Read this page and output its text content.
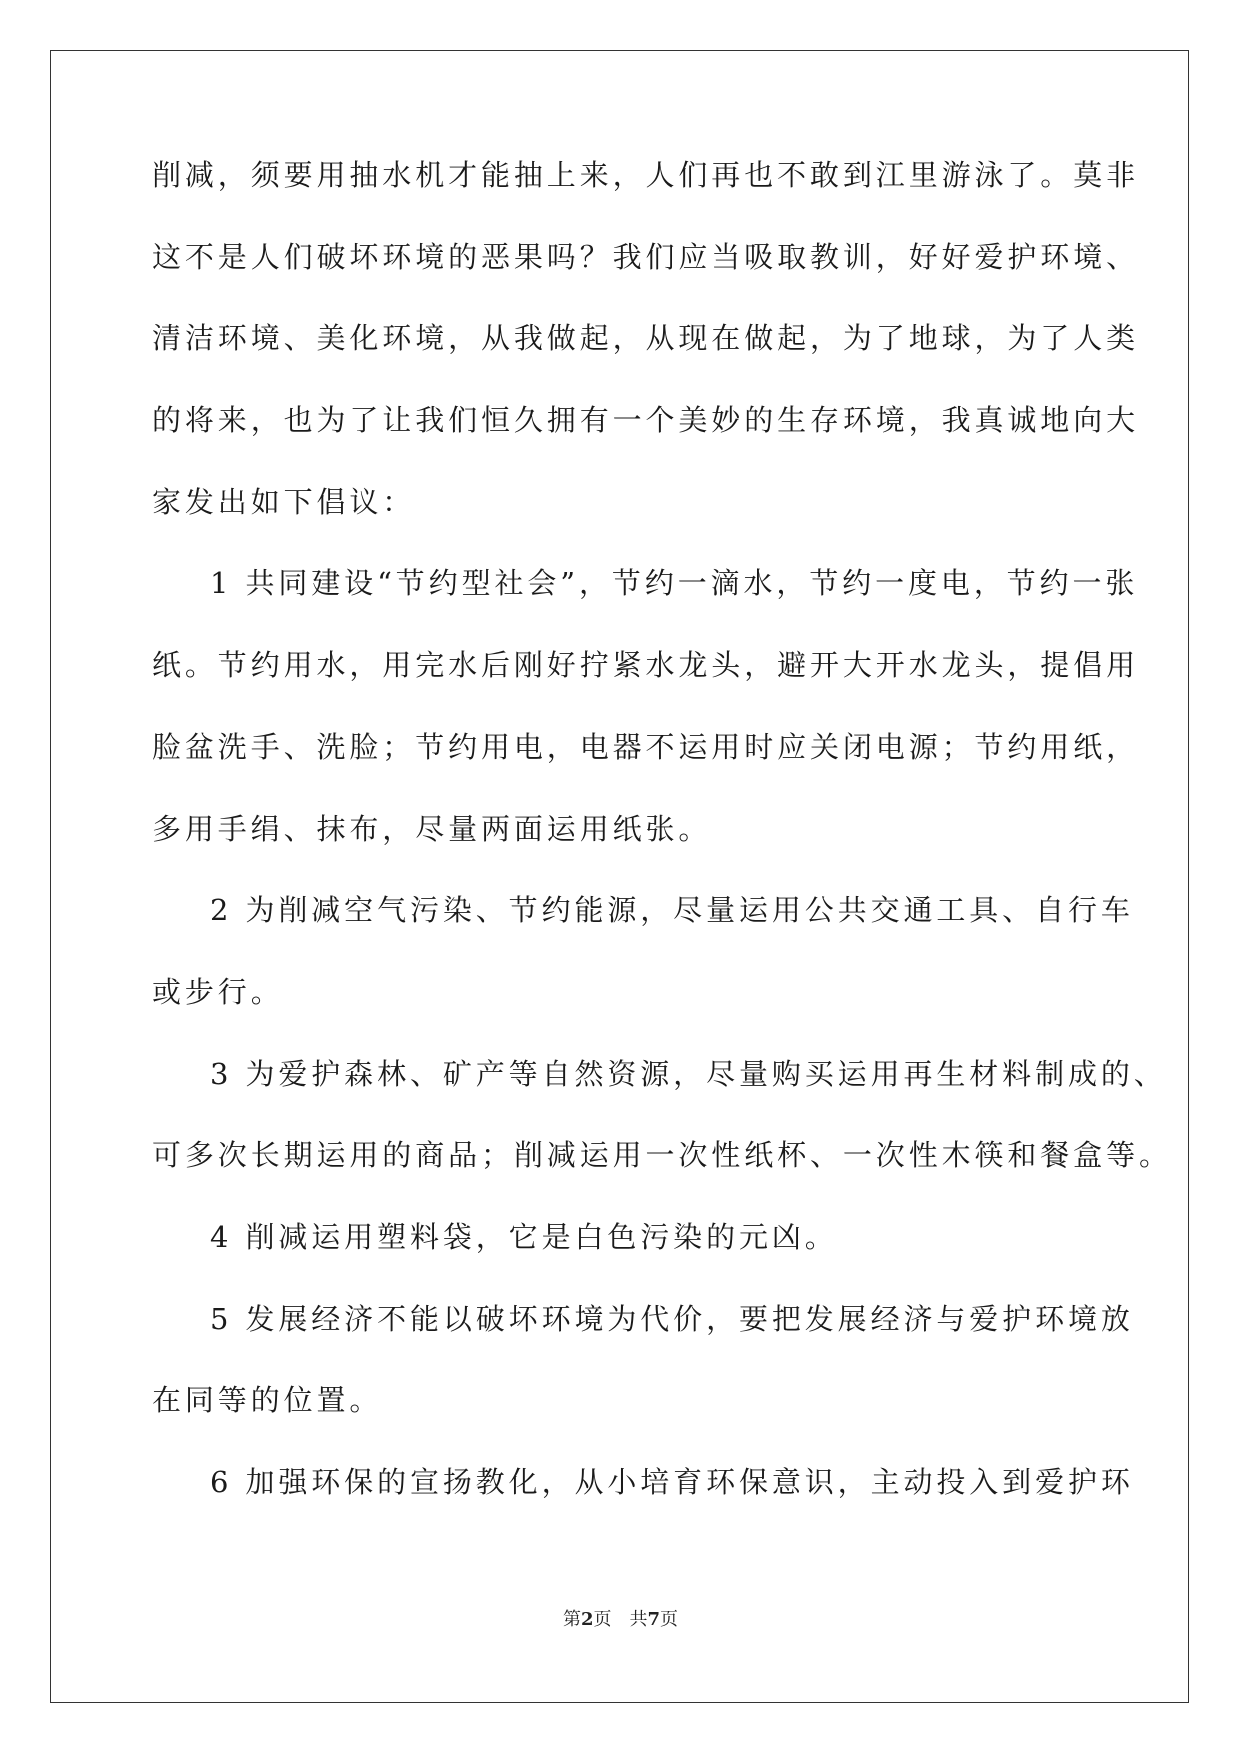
削减，须要用抽水机才能抽上来，人们再也不敢到江里游泳了。莫非
这不是人们破坏环境的恶果吗？我们应当吸取教训，好好爱护环境、
清洁环境、美化环境，从我做起，从现在做起，为了地球，为了人类
的将来，也为了让我们恒久拥有一个美妙的生存环境，我真诚地向大
家发出如下倡议：
1 共同建设“节约型社会”，节约一滴水，节约一度电，节约一张
纸。节约用水，用完水后刚好拧紧水龙头，避开大开水龙头，提倡用
脸盆洗手、洗脸；节约用电，电器不运用时应关闭电源；节约用纸，
多用手绢、抹布，尽量两面运用纸张。
2 为削减空气污染、节约能源，尽量运用公共交通工具、自行车
或步行。
3 为爱护森林、矿产等自然资源，尽量购买运用再生材料制成的、
可多次长期运用的商品；削减运用一次性纸杯、一次性木筷和餐盒等。
4 削减运用塑料袋，它是白色污染的元凶。
5 发展经济不能以破坏环境为代价，要把发展经济与爱护环境放
在同等的位置。
6 加强环保的宣扬教化，从小培育环保意识，主动投入到爱护环
第2页 共7页
